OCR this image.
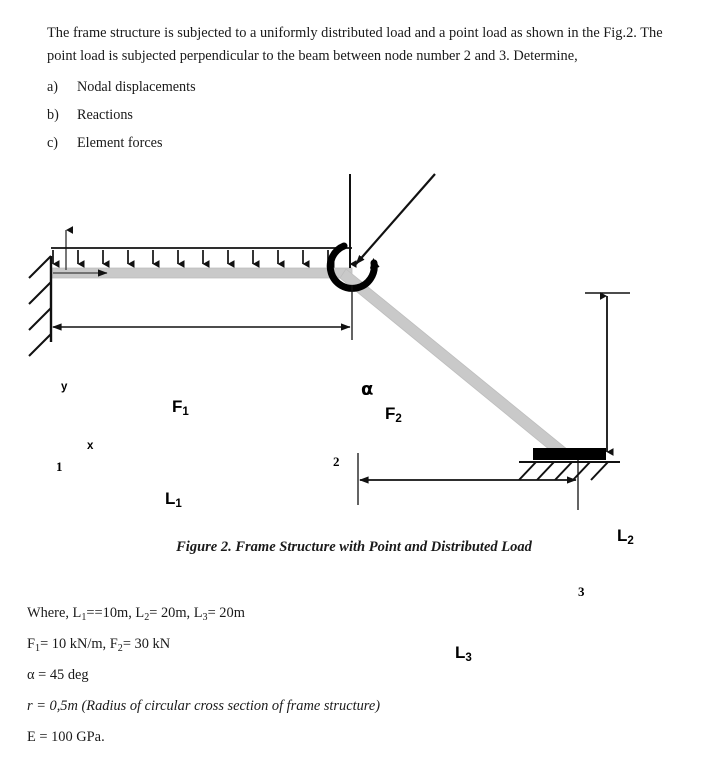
The frame structure is subjected to a uniformly distributed load and a point load as shown in the Fig.2. The point load is subjected perpendicular to the beam between node number 2 and 3. Determine,

a)	Nodal displacements
b)	Reactions
c)	Element forces
$F_1$	$F_2$
α
$L_1$
$L_2$
$L_3$
1	2
3
y
x
Figure 2. Frame Structure with Point and Distributed Load
Where, $L_1==10m$, $L_2= 20m$, $L_3= 20m$
$F_1= 10$ kN/m, $F_2= 30$ kN
α = 45 deg
r = 0,5m (Radius of circular cross section of frame structure)
E = 100 GPa.
